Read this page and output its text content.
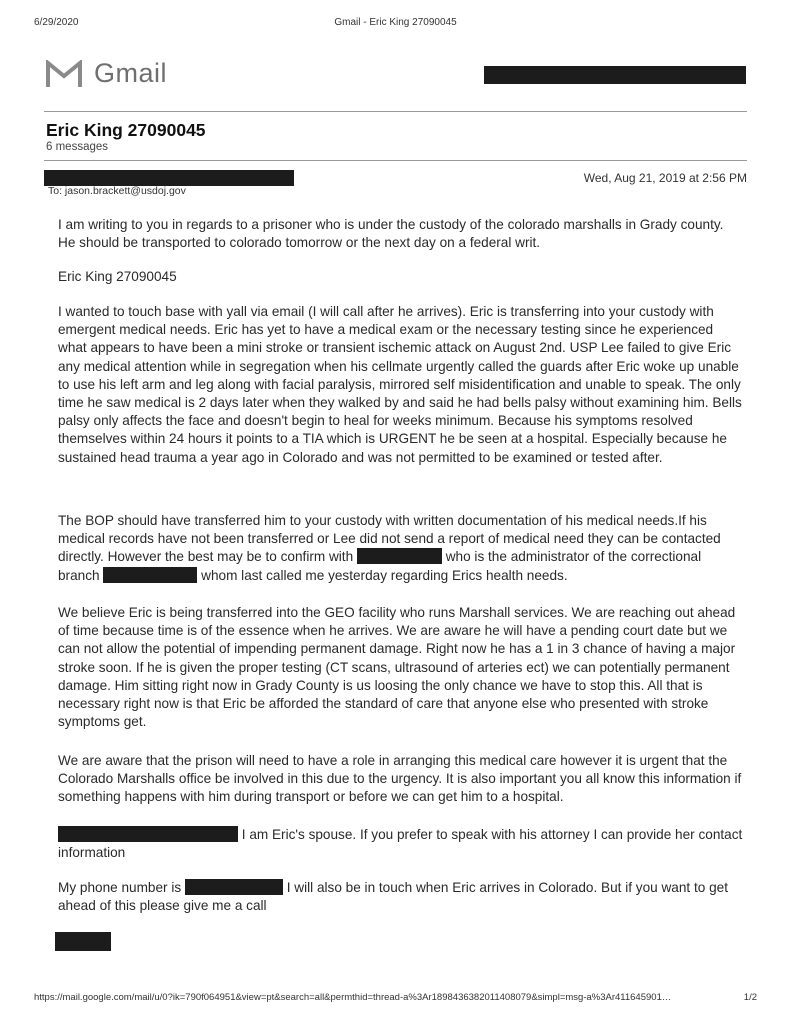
6/29/2020	Gmail - Eric King 27090045
Gmail
Eric King 27090045
6 messages
To: jason.brackett@usdoj.gov
Wed, Aug 21, 2019 at 2:56 PM

I am writing to you in regards to a prisoner who is under the custody of the colorado marshalls in Grady county. He should be transported to colorado tomorrow or the next day on a federal writ.

Eric King 27090045

I wanted to touch base with yall via email (I will call after he arrives). Eric is transferring into your custody with emergent medical needs. Eric has yet to have a medical exam or the necessary testing since he experienced what appears to have been a mini stroke or transient ischemic attack on August 2nd. USP Lee failed to give Eric any medical attention while in segregation when his cellmate urgently called the guards after Eric woke up unable to use his left arm and leg along with facial paralysis, mirrored self misidentification and unable to speak. The only time he saw medical is 2 days later when they walked by and said he had bells palsy without examining him. Bells palsy only affects the face and doesn't begin to heal for weeks minimum. Because his symptoms resolved themselves within 24 hours it points to a TIA which is URGENT he be seen at a hospital. Especially because he sustained head trauma a year ago in Colorado and was not permitted to be examined or tested after.

The BOP should have transferred him to your custody with written documentation of his medical needs.If his medical records have not been transferred or Lee did not send a report of medical need they can be contacted directly. However the best may be to confirm with	who is the administrator of the correctional branch	whom last called me yesterday regarding Erics health needs.

We believe Eric is being transferred into the GEO facility who runs Marshall services. We are reaching out ahead of time because time is of the essence when he arrives. We are aware he will have a pending court date but we can not allow the potential of impending permanent damage. Right now he has a 1 in 3 chance of having a major stroke soon. If he is given the proper testing (CT scans, ultrasound of arteries ect) we can potentially permanent damage. Him sitting right now in Grady County is us loosing the only chance we have to stop this. All that is necessary right now is that Eric be afforded the standard of care that anyone else who presented with stroke symptoms get.

We are aware that the prison will need to have a role in arranging this medical care however it is urgent that the Colorado Marshalls office be involved in this due to the urgency. It is also important you all know this information if something happens with him during transport or before we can get him to a hospital.

I am Eric's spouse. If you prefer to speak with his attorney I can provide her contact information

My phone number is	I will also be in touch when Eric arrives in Colorado. But if you want to get ahead of this please give me a call

https://mail.google.com/mail/u/0?ik=790f064951&view=pt&search=all&permthid=thread-a%3Ar1898436382011408079&simpl=msg-a%3Ar411645901…	1/2
